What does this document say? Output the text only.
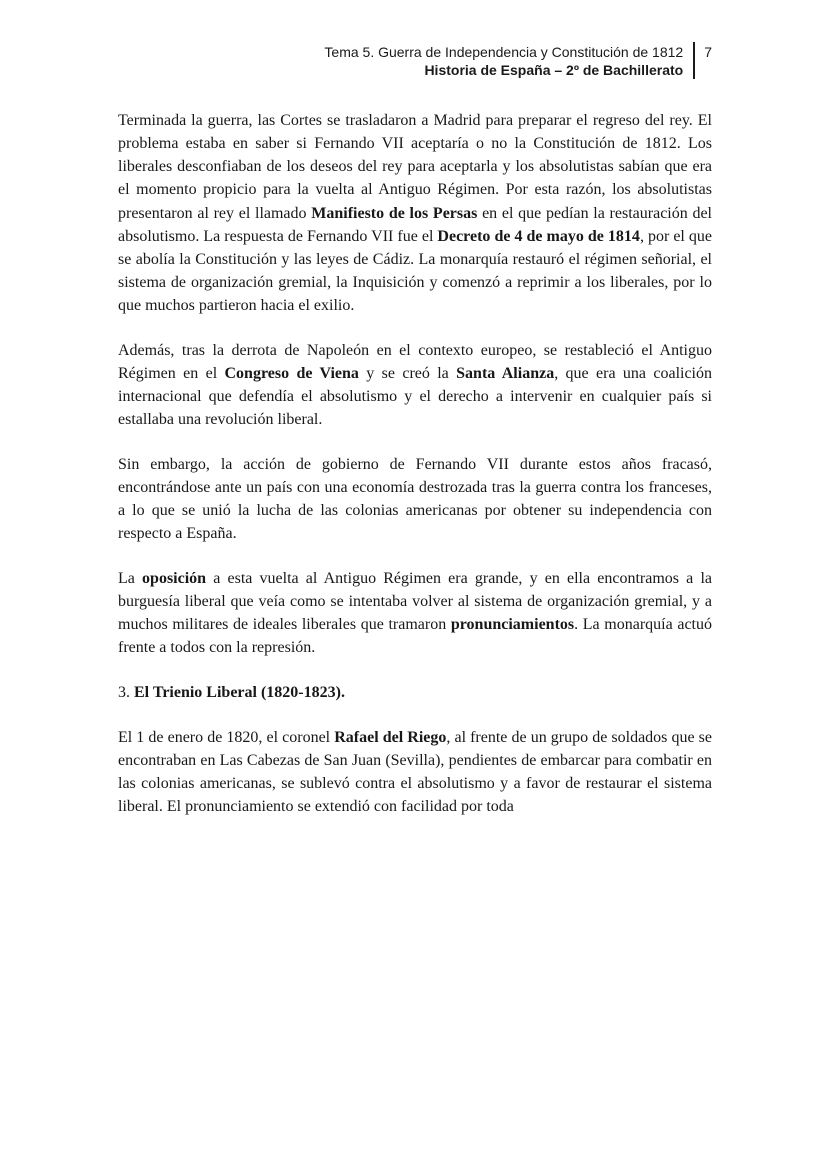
Tema 5. Guerra de Independencia y Constitución de 1812
Historia de España – 2º de Bachillerato
7

Terminada la guerra, las Cortes se trasladaron a Madrid para preparar el regreso del rey. El problema estaba en saber si Fernando VII aceptaría o no la Constitución de 1812. Los liberales desconfiaban de los deseos del rey para aceptarla y los absolutistas sabían que era el momento propicio para la vuelta al Antiguo Régimen. Por esta razón, los absolutistas presentaron al rey el llamado Manifiesto de los Persas en el que pedían la restauración del absolutismo. La respuesta de Fernando VII fue el Decreto de 4 de mayo de 1814, por el que se abolía la Constitución y las leyes de Cádiz. La monarquía restauró el régimen señorial, el sistema de organización gremial, la Inquisición y comenzó a reprimir a los liberales, por lo que muchos partieron hacia el exilio.

Además, tras la derrota de Napoleón en el contexto europeo, se restableció el Antiguo Régimen en el Congreso de Viena y se creó la Santa Alianza, que era una coalición internacional que defendía el absolutismo y el derecho a intervenir en cualquier país si estallaba una revolución liberal.

Sin embargo, la acción de gobierno de Fernando VII durante estos años fracasó, encontrándose ante un país con una economía destrozada tras la guerra contra los franceses, a lo que se unió la lucha de las colonias americanas por obtener su independencia con respecto a España.

La oposición a esta vuelta al Antiguo Régimen era grande, y en ella encontramos a la burguesía liberal que veía como se intentaba volver al sistema de organización gremial, y a muchos militares de ideales liberales que tramaron pronunciamientos. La monarquía actuó frente a todos con la represión.

3. El Trienio Liberal (1820-1823).

El 1 de enero de 1820, el coronel Rafael del Riego, al frente de un grupo de soldados que se encontraban en Las Cabezas de San Juan (Sevilla), pendientes de embarcar para combatir en las colonias americanas, se sublevó contra el absolutismo y a favor de restaurar el sistema liberal. El pronunciamiento se extendió con facilidad por toda
